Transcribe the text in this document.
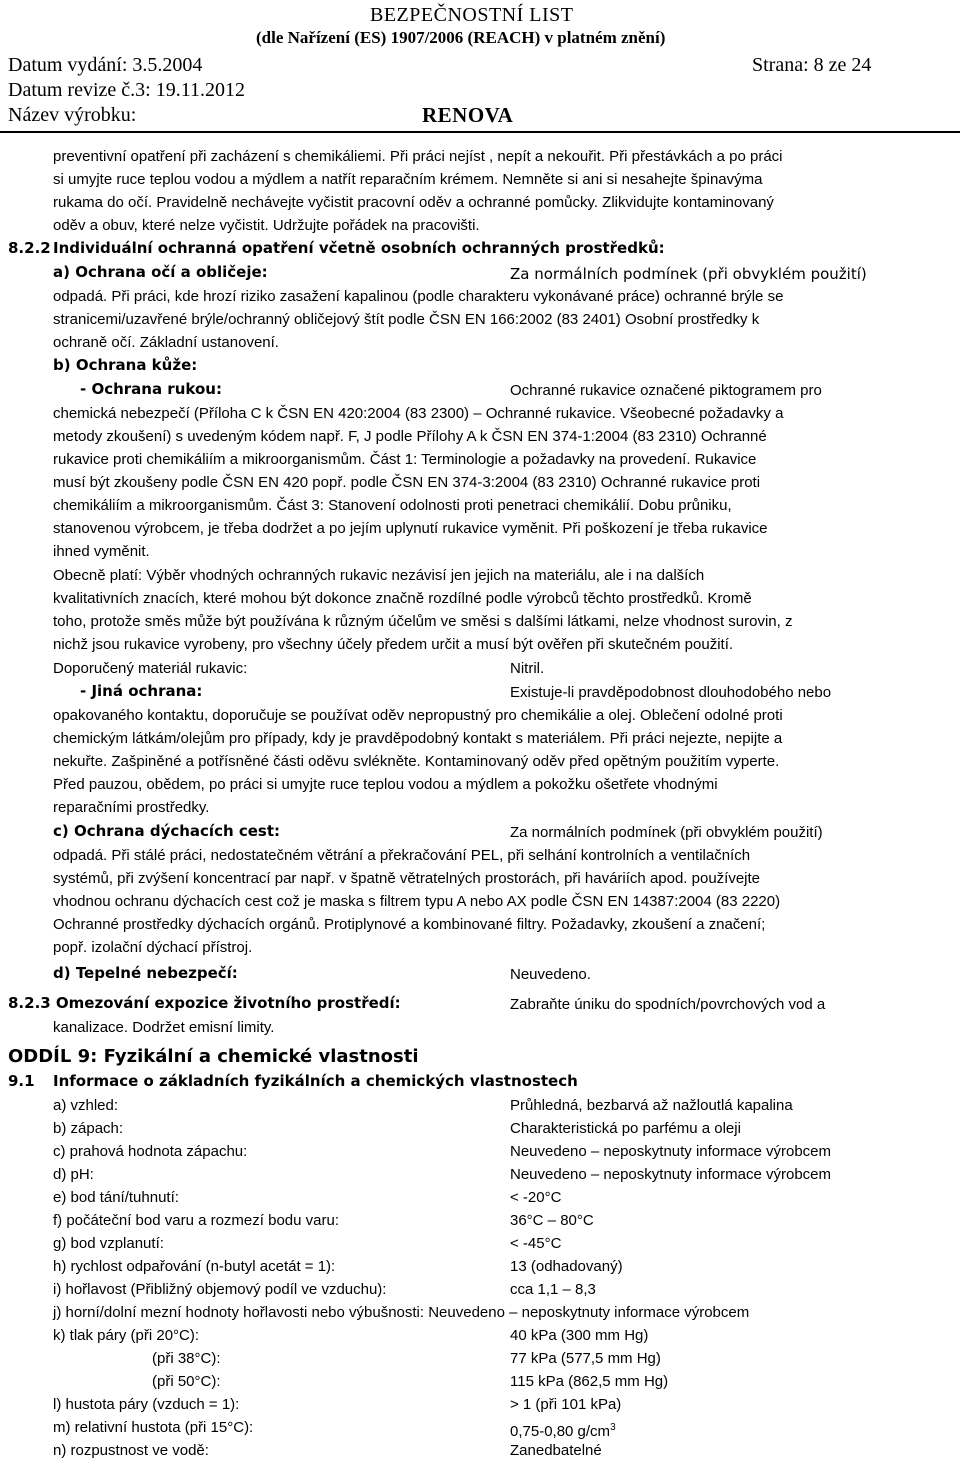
BEZPEČNOSTNÍ LIST
(dle Nařízení (ES) 1907/2006 (REACH) v platném znění)
Datum vydání: 3.5.2004	Strana: 8 ze 24
Datum revize č.3: 19.11.2012
Název výrobku:	RENOVA
preventivní opatření při zacházení s chemikáliemi. Při práci nejíst , nepít a nekouřit. Při přestávkách a po práci
si umyjte ruce teplou vodou a mýdlem a natřít reparačním krémem. Nemněte si ani si nesahejte špinavýma
rukama do očí. Pravidelně nechávejte vyčistit pracovní oděv a ochranné pomůcky. Zlikvidujte kontaminovaný
oděv a obuv, které nelze vyčistit. Udržujte pořádek na pracovišti.
8.2.2 Individuální ochranná opatření včetně osobních ochranných prostředků:
a) Ochrana očí a obličeje:	Za normálních podmínek (při obvyklém použití)
odpadá. Při práci, kde hrozí riziko zasažení kapalinou (podle charakteru vykonávané práce) ochranné brýle se
stranicemi/uzavřené brýle/ochranný obličejový štít podle ČSN EN 166:2002 (83 2401) Osobní prostředky k
ochraně očí. Základní ustanovení.
b) Ochrana kůže:
- Ochrana rukou:	Ochranné rukavice označené piktogramem pro
chemická nebezpečí (Příloha C k ČSN EN 420:2004 (83 2300) – Ochranné rukavice. Všeobecné požadavky a
metody zkoušení) s uvedeným kódem např. F, J podle Přílohy A k ČSN EN 374-1:2004 (83 2310) Ochranné
rukavice proti chemikáliím a mikroorganismům. Část 1: Terminologie a požadavky na provedení. Rukavice
musí být zkoušeny podle ČSN EN 420 popř. podle ČSN EN 374-3:2004 (83 2310) Ochranné rukavice proti
chemikáliím a mikroorganismům. Část 3: Stanovení odolnosti proti penetraci chemikálií. Dobu průniku,
stanovenou výrobcem, je třeba dodržet a po jejím uplynutí rukavice vyměnit. Při poškození je třeba rukavice
ihned vyměnit.
Obecně platí: Výběr vhodných ochranných rukavic nezávisí jen jejich na materiálu, ale i na dalších
kvalitativních znacích, které mohou být dokonce značně rozdílné podle výrobců těchto prostředků. Kromě
toho, protože směs může být používána k různým účelům ve směsi s dalšími látkami, nelze vhodnost surovin, z
nichž jsou rukavice vyrobeny, pro všechny účely předem určit a musí být ověřen při skutečném použití.
Doporučený materiál rukavic:	Nitril.
- Jiná ochrana:	Existuje-li pravděpodobnost dlouhodobého nebo
opakovaného kontaktu, doporučuje se používat oděv nepropustný pro chemikálie a olej. Oblečení odolné proti
chemickým látkám/olejům pro případy, kdy je pravděpodobný kontakt s materiálem. Při práci nejezte, nepijte a
nekuřte. Zašpiněné a potřísněné části oděvu svlékněte. Kontaminovaný oděv před opětným použitím vyperte.
Před pauzou, obědem, po práci si umyjte ruce teplou vodou a mýdlem a pokožku ošetřete vhodnými
reparačními prostředky.
c) Ochrana dýchacích cest:	Za normálních podmínek (při obvyklém použití)
odpadá. Při stálé práci, nedostatečném větrání a překračování PEL, při selhání kontrolních a ventilačních
systémů, při zvýšení koncentrací par např. v špatně větratelných prostorách, při haváriích apod. používejte
vhodnou ochranu dýchacích cest což je maska s filtrem typu A nebo AX podle ČSN EN 14387:2004 (83 2220)
Ochranné prostředky dýchacích orgánů. Protiplynové a kombinované filtry. Požadavky, zkoušení a značení;
popř. izolační dýchací přístroj.
d) Tepelné nebezpečí:	Neuvedeno.
8.2.3 Omezování expozice životního prostředí:	Zabraňte úniku do spodních/povrchových vod a
kanalizace. Dodržet emisní limity.
ODDÍL 9: Fyzikální a chemické vlastnosti
9.1 Informace o základních fyzikálních a chemických vlastnostech
a) vzhled:	Průhledná, bezbarvá až nažloutlá kapalina
b) zápach:	Charakteristická po parfému a oleji
c) prahová hodnota zápachu:	Neuvedeno – neposkytnuty informace výrobcem
d) pH:	Neuvedeno – neposkytnuty informace výrobcem
e) bod tání/tuhnutí:	< -20°C
f) počáteční bod varu a rozmezí bodu varu:	36°C – 80°C
g) bod vzplanutí:	< -45°C
h) rychlost odpařování (n-butyl acetát = 1):	13 (odhadovaný)
i) hořlavost (Přibližný objemový podíl ve vzduchu):	cca 1,1 – 8,3
j) horní/dolní mezní hodnoty hořlavosti nebo výbušnosti: Neuvedeno – neposkytnuty informace výrobcem
k) tlak páry (při 20°C):	40 kPa (300 mm Hg)
(při 38°C):	77 kPa (577,5 mm Hg)
(při 50°C):	115 kPa (862,5 mm Hg)
l) hustota páry (vzduch = 1):	> 1 (při 101 kPa)
m) relativní hustota (při 15°C):	0,75-0,80 $g/cm^3$
n) rozpustnost ve vodě:	Zanedbatelné
